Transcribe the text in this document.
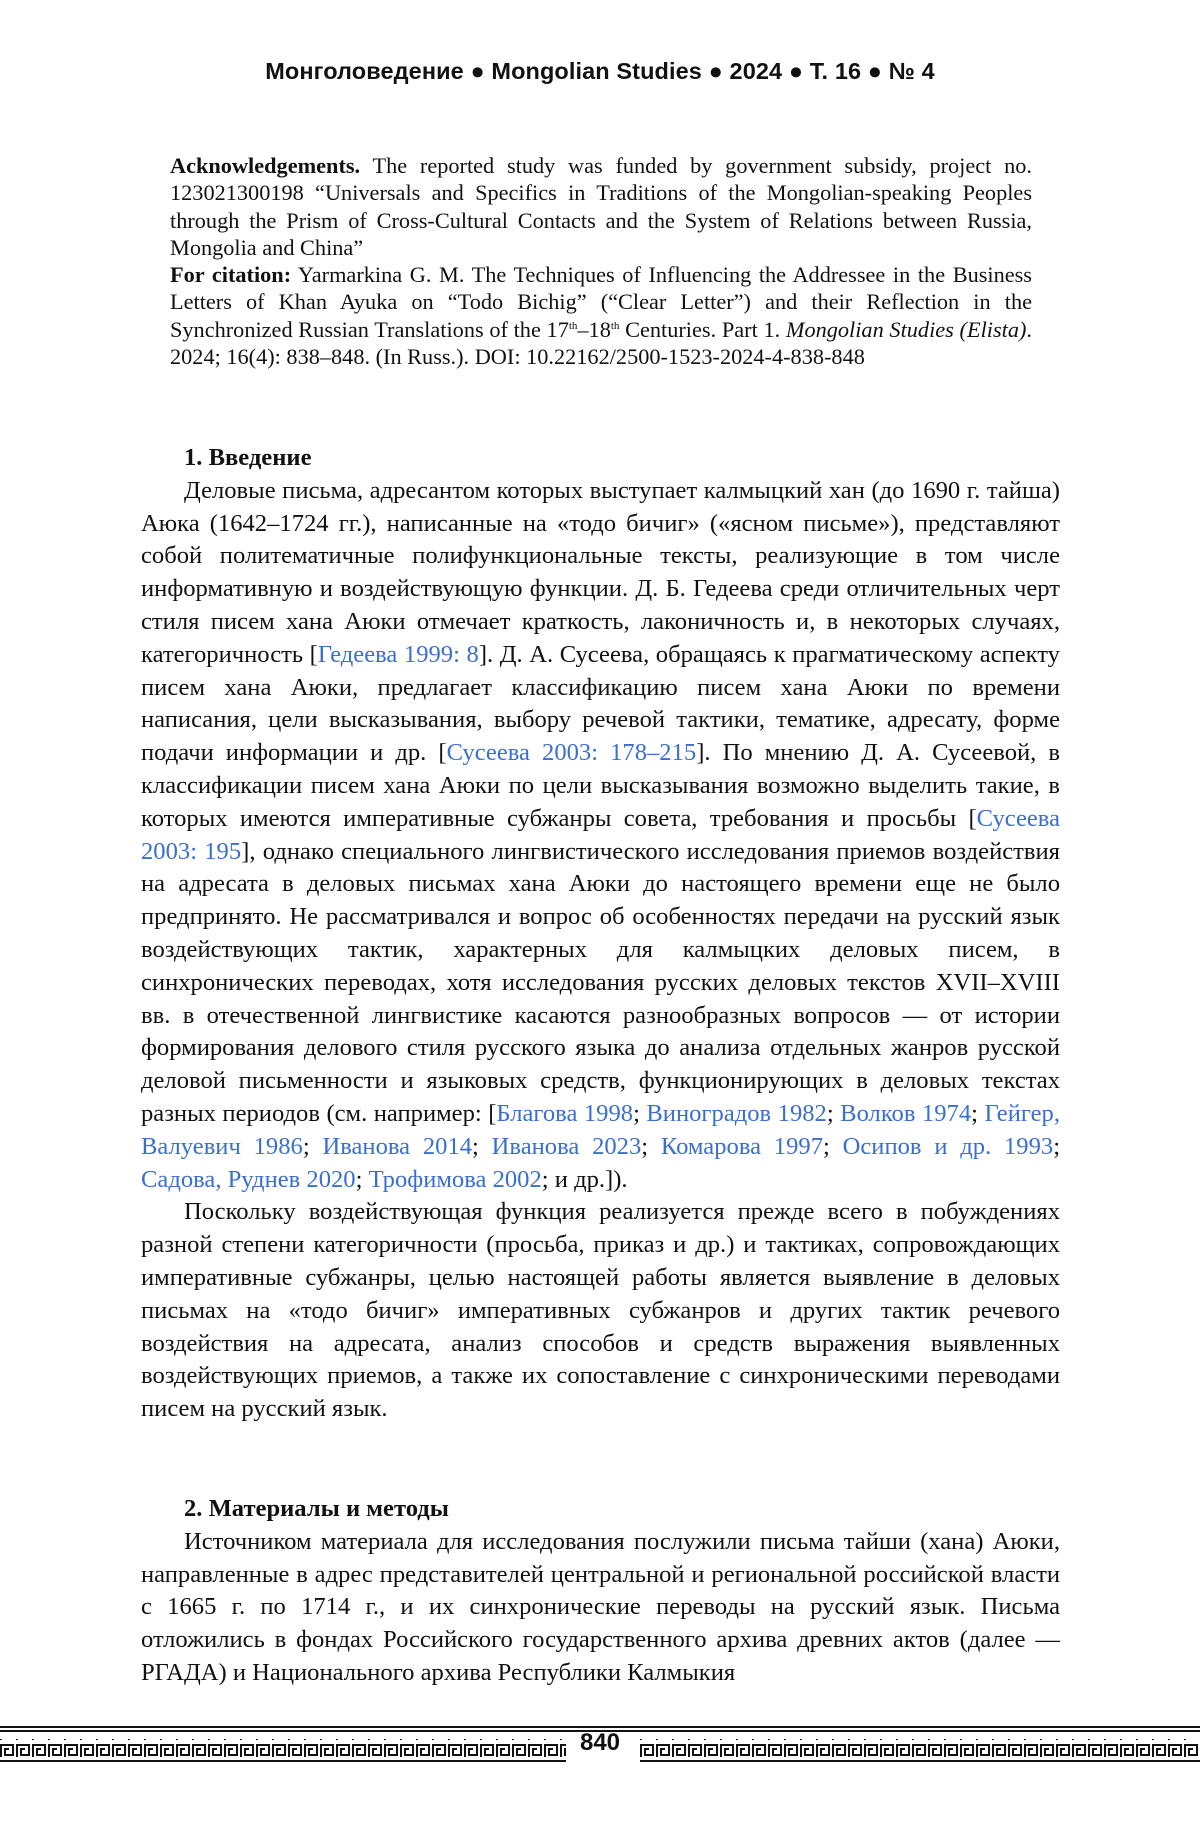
Монголоведение ● Mongolian Studies ● 2024 ● Т. 16 ● № 4

Acknowledgements. The reported study was funded by government subsidy, project no. 123021300198 “Universals and Specifics in Traditions of the Mongolian-speaking Peoples through the Prism of Cross-Cultural Contacts and the System of Relations between Russia, Mongolia and China”

For citation: Yarmarkina G. M. The Techniques of Influencing the Addressee in the Business Letters of Khan Ayuka on “Todo Bichig” (“Clear Letter”) and their Reflection in the Synchronized Russian Translations of the 17th–18th Centuries. Part 1. Mongolian Studies (Elista). 2024; 16(4): 838–848. (In Russ.). DOI: 10.22162/2500-1523-2024-4-838-848

1. Введение

Деловые письма, адресантом которых выступает калмыцкий хан (до 1690 г. тайша) Аюка (1642–1724 гг.), написанные на «тодо бичиг» («ясном письме»), представляют собой политематичные полифункциональные тексты, реализующие в том числе информативную и воздействующую функции. Д. Б. Гедеева среди отличительных черт стиля писем хана Аюки отмечает краткость, лаконичность и, в некоторых случаях, категоричность [Гедеева 1999: 8]. Д. А. Сусеева, обращаясь к прагматическому аспекту писем хана Аюки, предлагает классификацию писем хана Аюки по времени написания, цели высказывания, выбору речевой тактики, тематике, адресату, форме подачи информации и др. [Сусеева 2003: 178–215]. По мнению Д. А. Сусеевой, в классификации писем хана Аюки по цели высказывания возможно выделить такие, в которых имеются императивные субжанры совета, требования и просьбы [Сусеева 2003: 195], однако специального лингвистического исследования приемов воздействия на адресата в деловых письмах хана Аюки до настоящего времени еще не было предпринято. Не рассматривался и вопрос об особенностях передачи на русский язык воздействующих тактик, характерных для калмыцких деловых писем, в синхронических переводах, хотя исследования русских деловых текстов XVII–XVIII вв. в отечественной лингвистике касаются разнообразных вопросов — от истории формирования делового стиля русского языка до анализа отдельных жанров русской деловой письменности и языковых средств, функционирующих в деловых текстах разных периодов (см. например: [Благова 1998; Виноградов 1982; Волков 1974; Гейгер, Валуевич 1986; Иванова 2014; Иванова 2023; Комарова 1997; Осипов и др. 1993; Садова, Руднев 2020; Трофимова 2002; и др.]).

Поскольку воздействующая функция реализуется прежде всего в побуждениях разной степени категоричности (просьба, приказ и др.) и тактиках, сопровождающих императивные субжанры, целью настоящей работы является выявление в деловых письмах на «тодо бичиг» императивных субжанров и других тактик речевого воздействия на адресата, анализ способов и средств выражения выявленных воздействующих приемов, а также их сопоставление с синхроническими переводами писем на русский язык.

2. Материалы и методы

Источником материала для исследования послужили письма тайши (хана) Аюки, направленные в адрес представителей центральной и региональной российской власти с 1665 г. по 1714 г., и их синхронические переводы на русский язык. Письма отложились в фондах Российского государственного архива древних актов (далее — РГАДА) и Национального архива Республики Калмыкия

840
